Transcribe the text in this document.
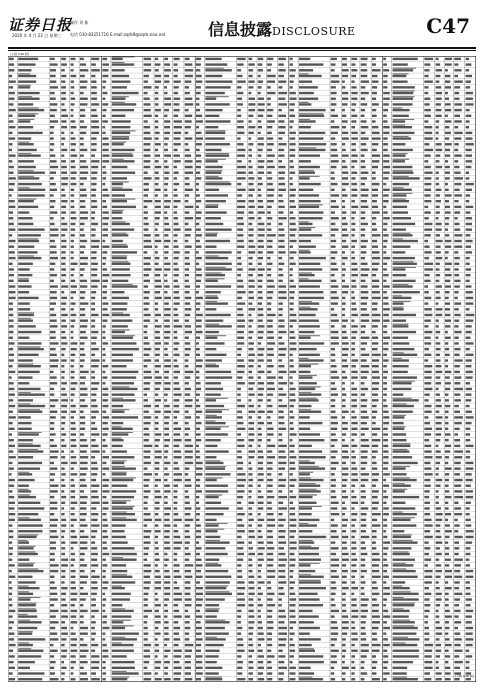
证券日报
2020 年 4 月 22 日 星期三
制作 刘 新
电话 010-83251716 E-mail:zqrb9@zqrb.sina.net	信息披露DISCLOSURE	C47
(上接 C46 版)
(下转 C48 版)
